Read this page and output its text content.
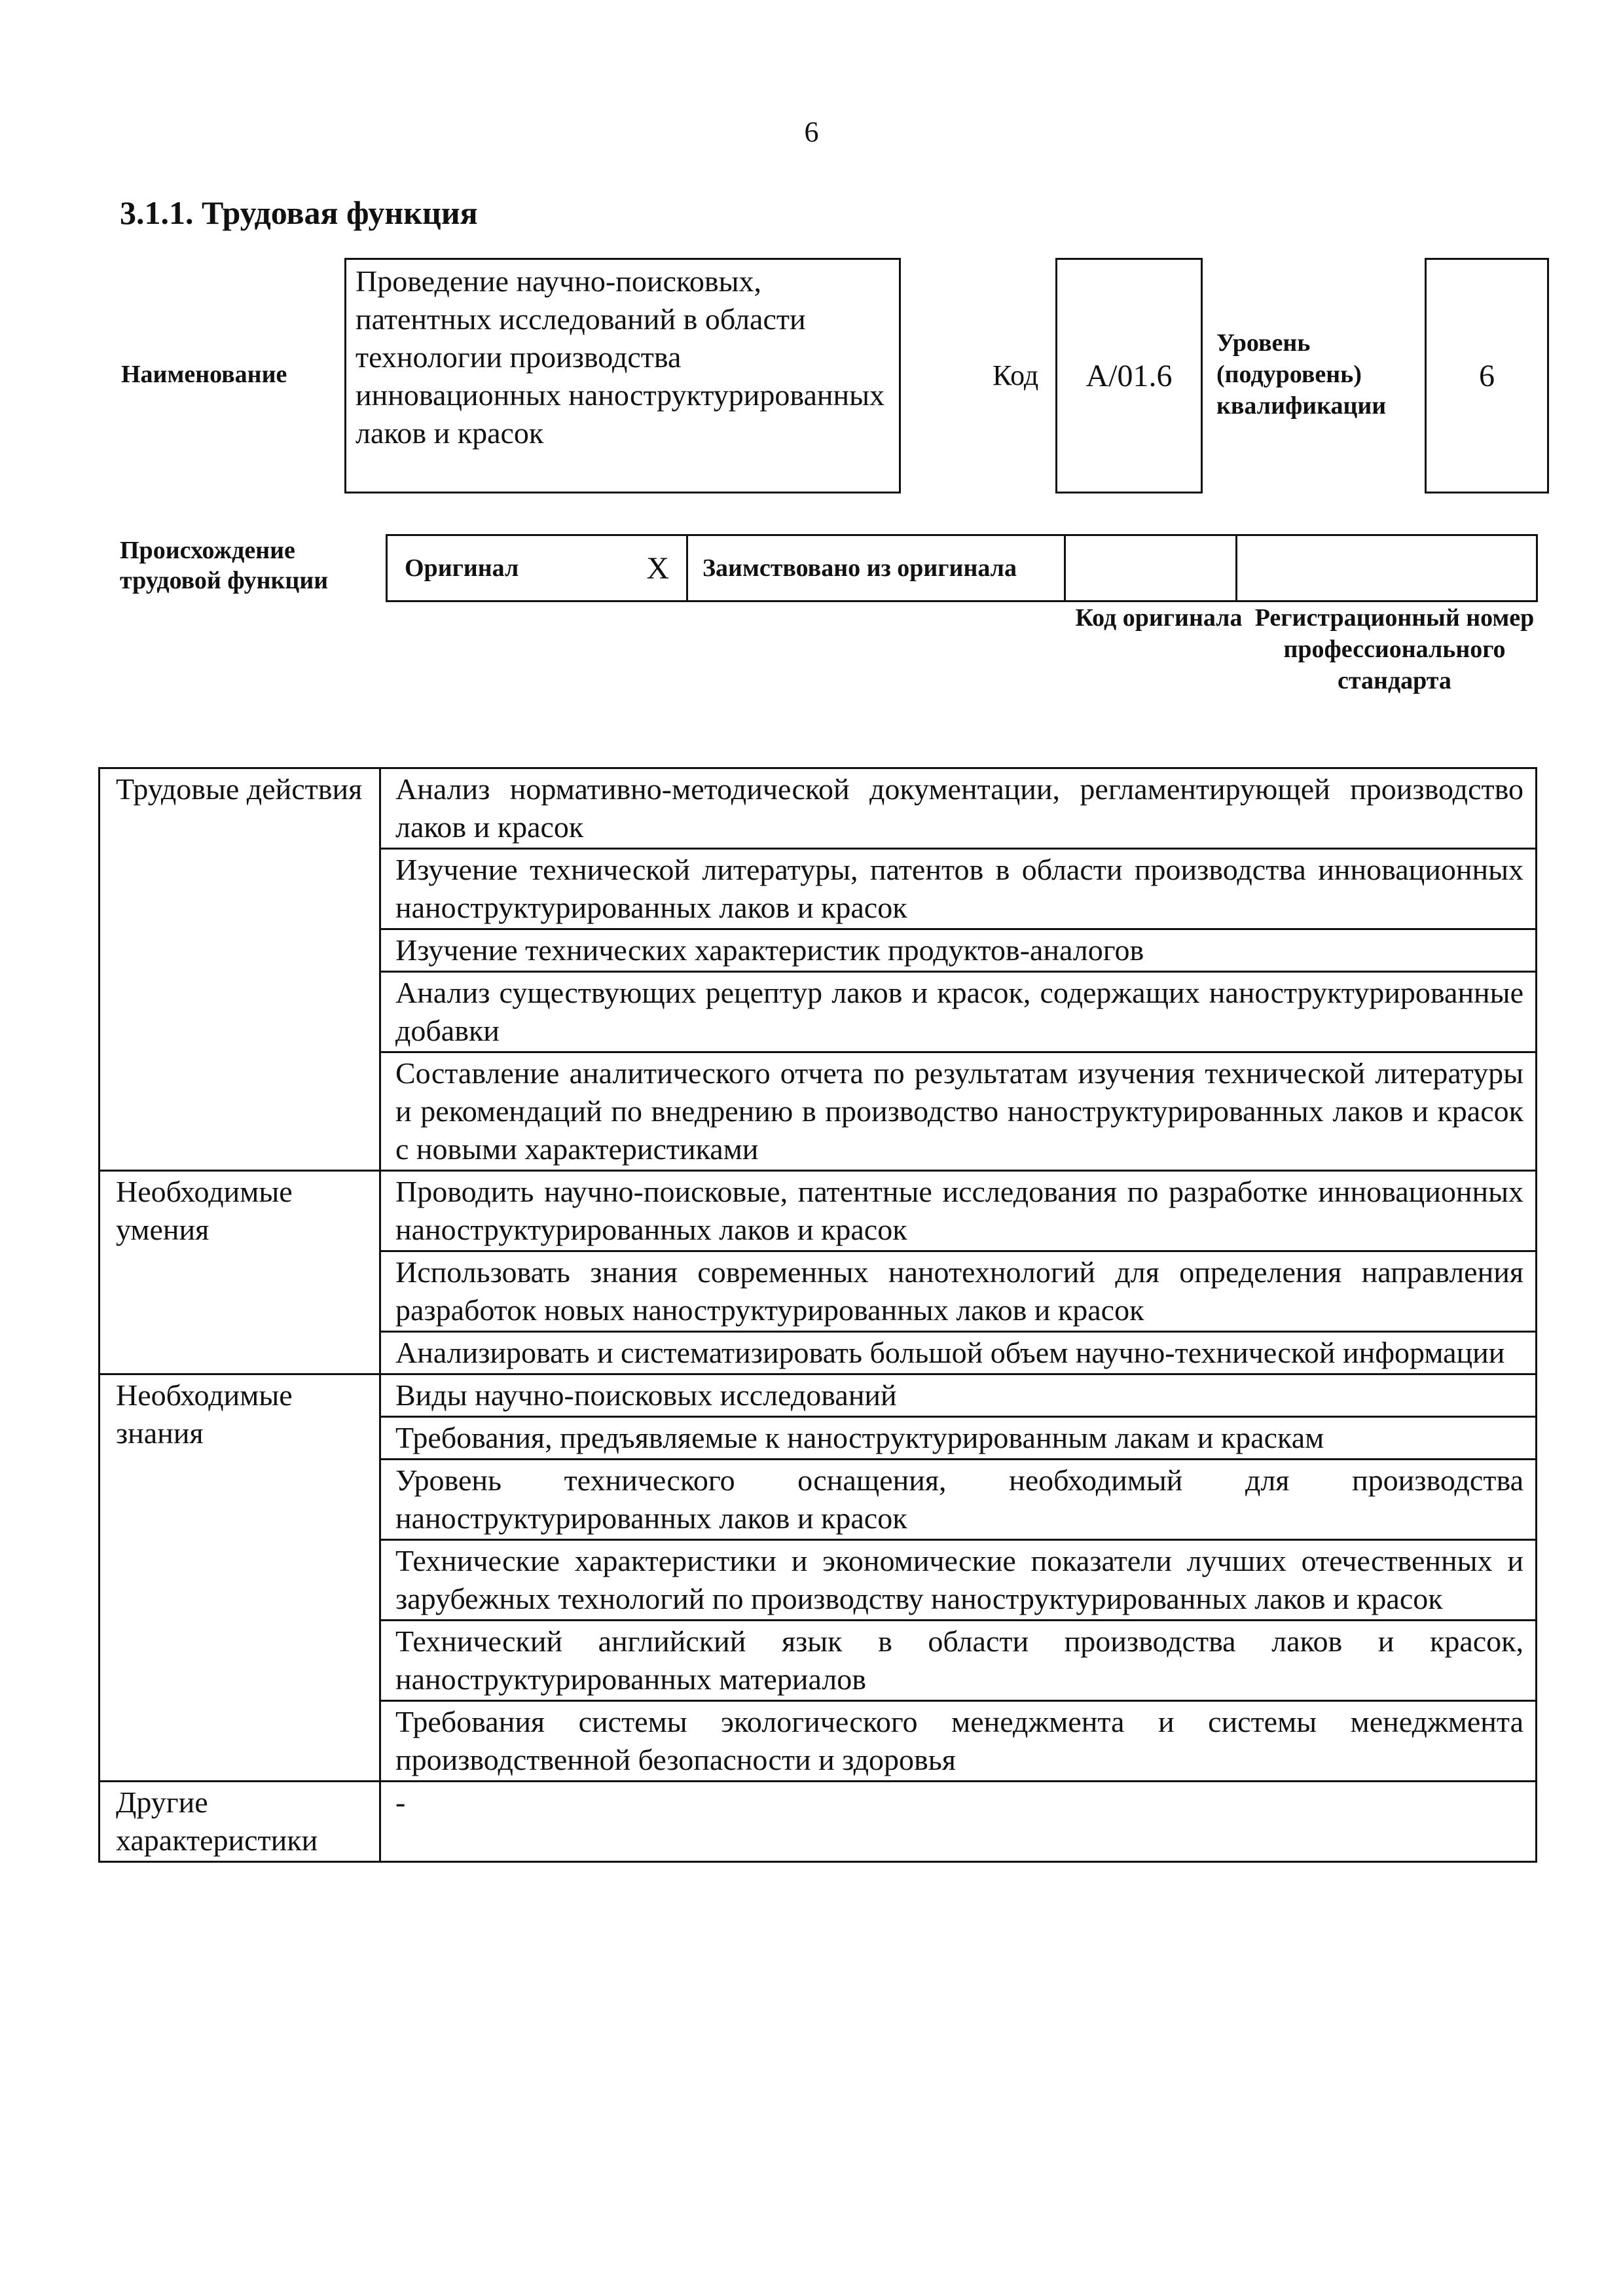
6
3.1.1. Трудовая функция
Наименование
Проведение научно-поисковых, патентных исследований в области технологии производства инновационных наноструктурированных лаков и красок
Код	A/01.6
Уровень (подуровень) квалификации
6
Происхождение трудовой функции	Оригинал	X	Заимствовано из оригинала
Код оригинала Регистрационный номер профессионального стандарта
Трудовые действия	Анализ нормативно-методической документации, регламентирующей производство лаков и красок
	Изучение технической литературы, патентов в области производства инновационных наноструктурированных лаков и красок
	Изучение технических характеристик продуктов-аналогов
	Анализ существующих рецептур лаков и красок, содержащих наноструктурированные добавки
	Составление аналитического отчета по результатам изучения технической литературы и рекомендаций по внедрению в производство наноструктурированных лаков и красок с новыми характеристиками
Необходимые умения	Проводить научно-поисковые, патентные исследования по разработке инновационных наноструктурированных лаков и красок
	Использовать знания современных нанотехнологий для определения направления разработок новых наноструктурированных лаков и красок
	Анализировать и систематизировать большой объем научно-технической информации
Необходимые знания	Виды научно-поисковых исследований
	Требования, предъявляемые к наноструктурированным лакам и краскам
	Уровень технического оснащения, необходимый для производства наноструктурированных лаков и красок
	Технические характеристики и экономические показатели лучших отечественных и зарубежных технологий по производству наноструктурированных лаков и красок
	Технический английский язык в области производства лаков и красок, наноструктурированных материалов
	Требования системы экологического менеджмента и системы менеджмента производственной безопасности и здоровья
Другие характеристики	-
